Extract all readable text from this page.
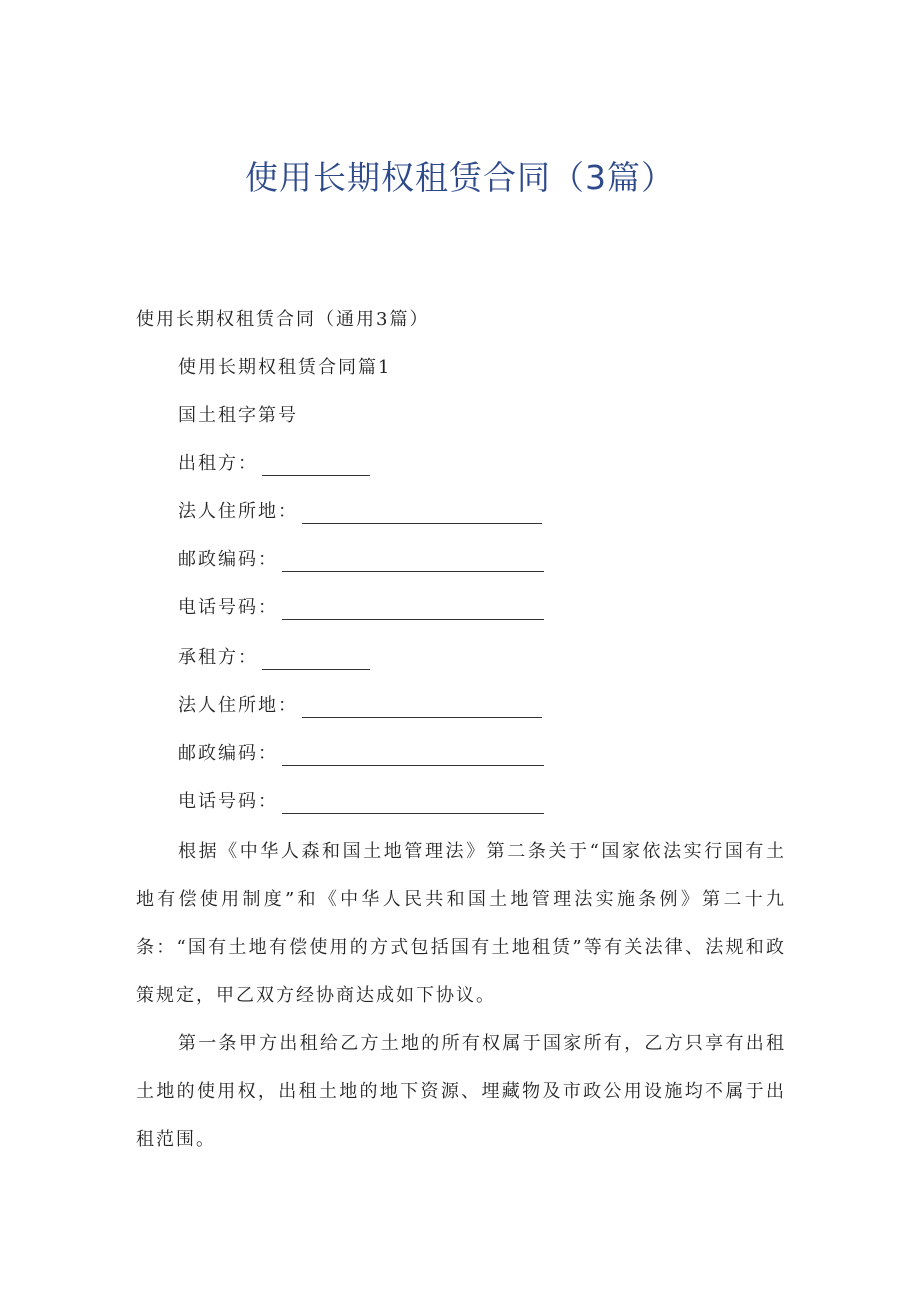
使用长期权租赁合同（3篇）
使用长期权租赁合同（通用3篇）
使用长期权租赁合同篇1
国土租字第号
出租方：
法人住所地：
邮政编码：
电话号码：
承租方：
法人住所地：
邮政编码：
电话号码：

根据《中华人森和国土地管理法》第二条关于“国家依法实行国有土地有偿使用制度”和《中华人民共和国土地管理法实施条例》第二十九条：“国有土地有偿使用的方式包括国有土地租赁”等有关法律、法规和政策规定，甲乙双方经协商达成如下协议。

第一条甲方出租给乙方土地的所有权属于国家所有，乙方只享有出租土地的使用权，出租土地的地下资源、埋藏物及市政公用设施均不属于出租范围。
